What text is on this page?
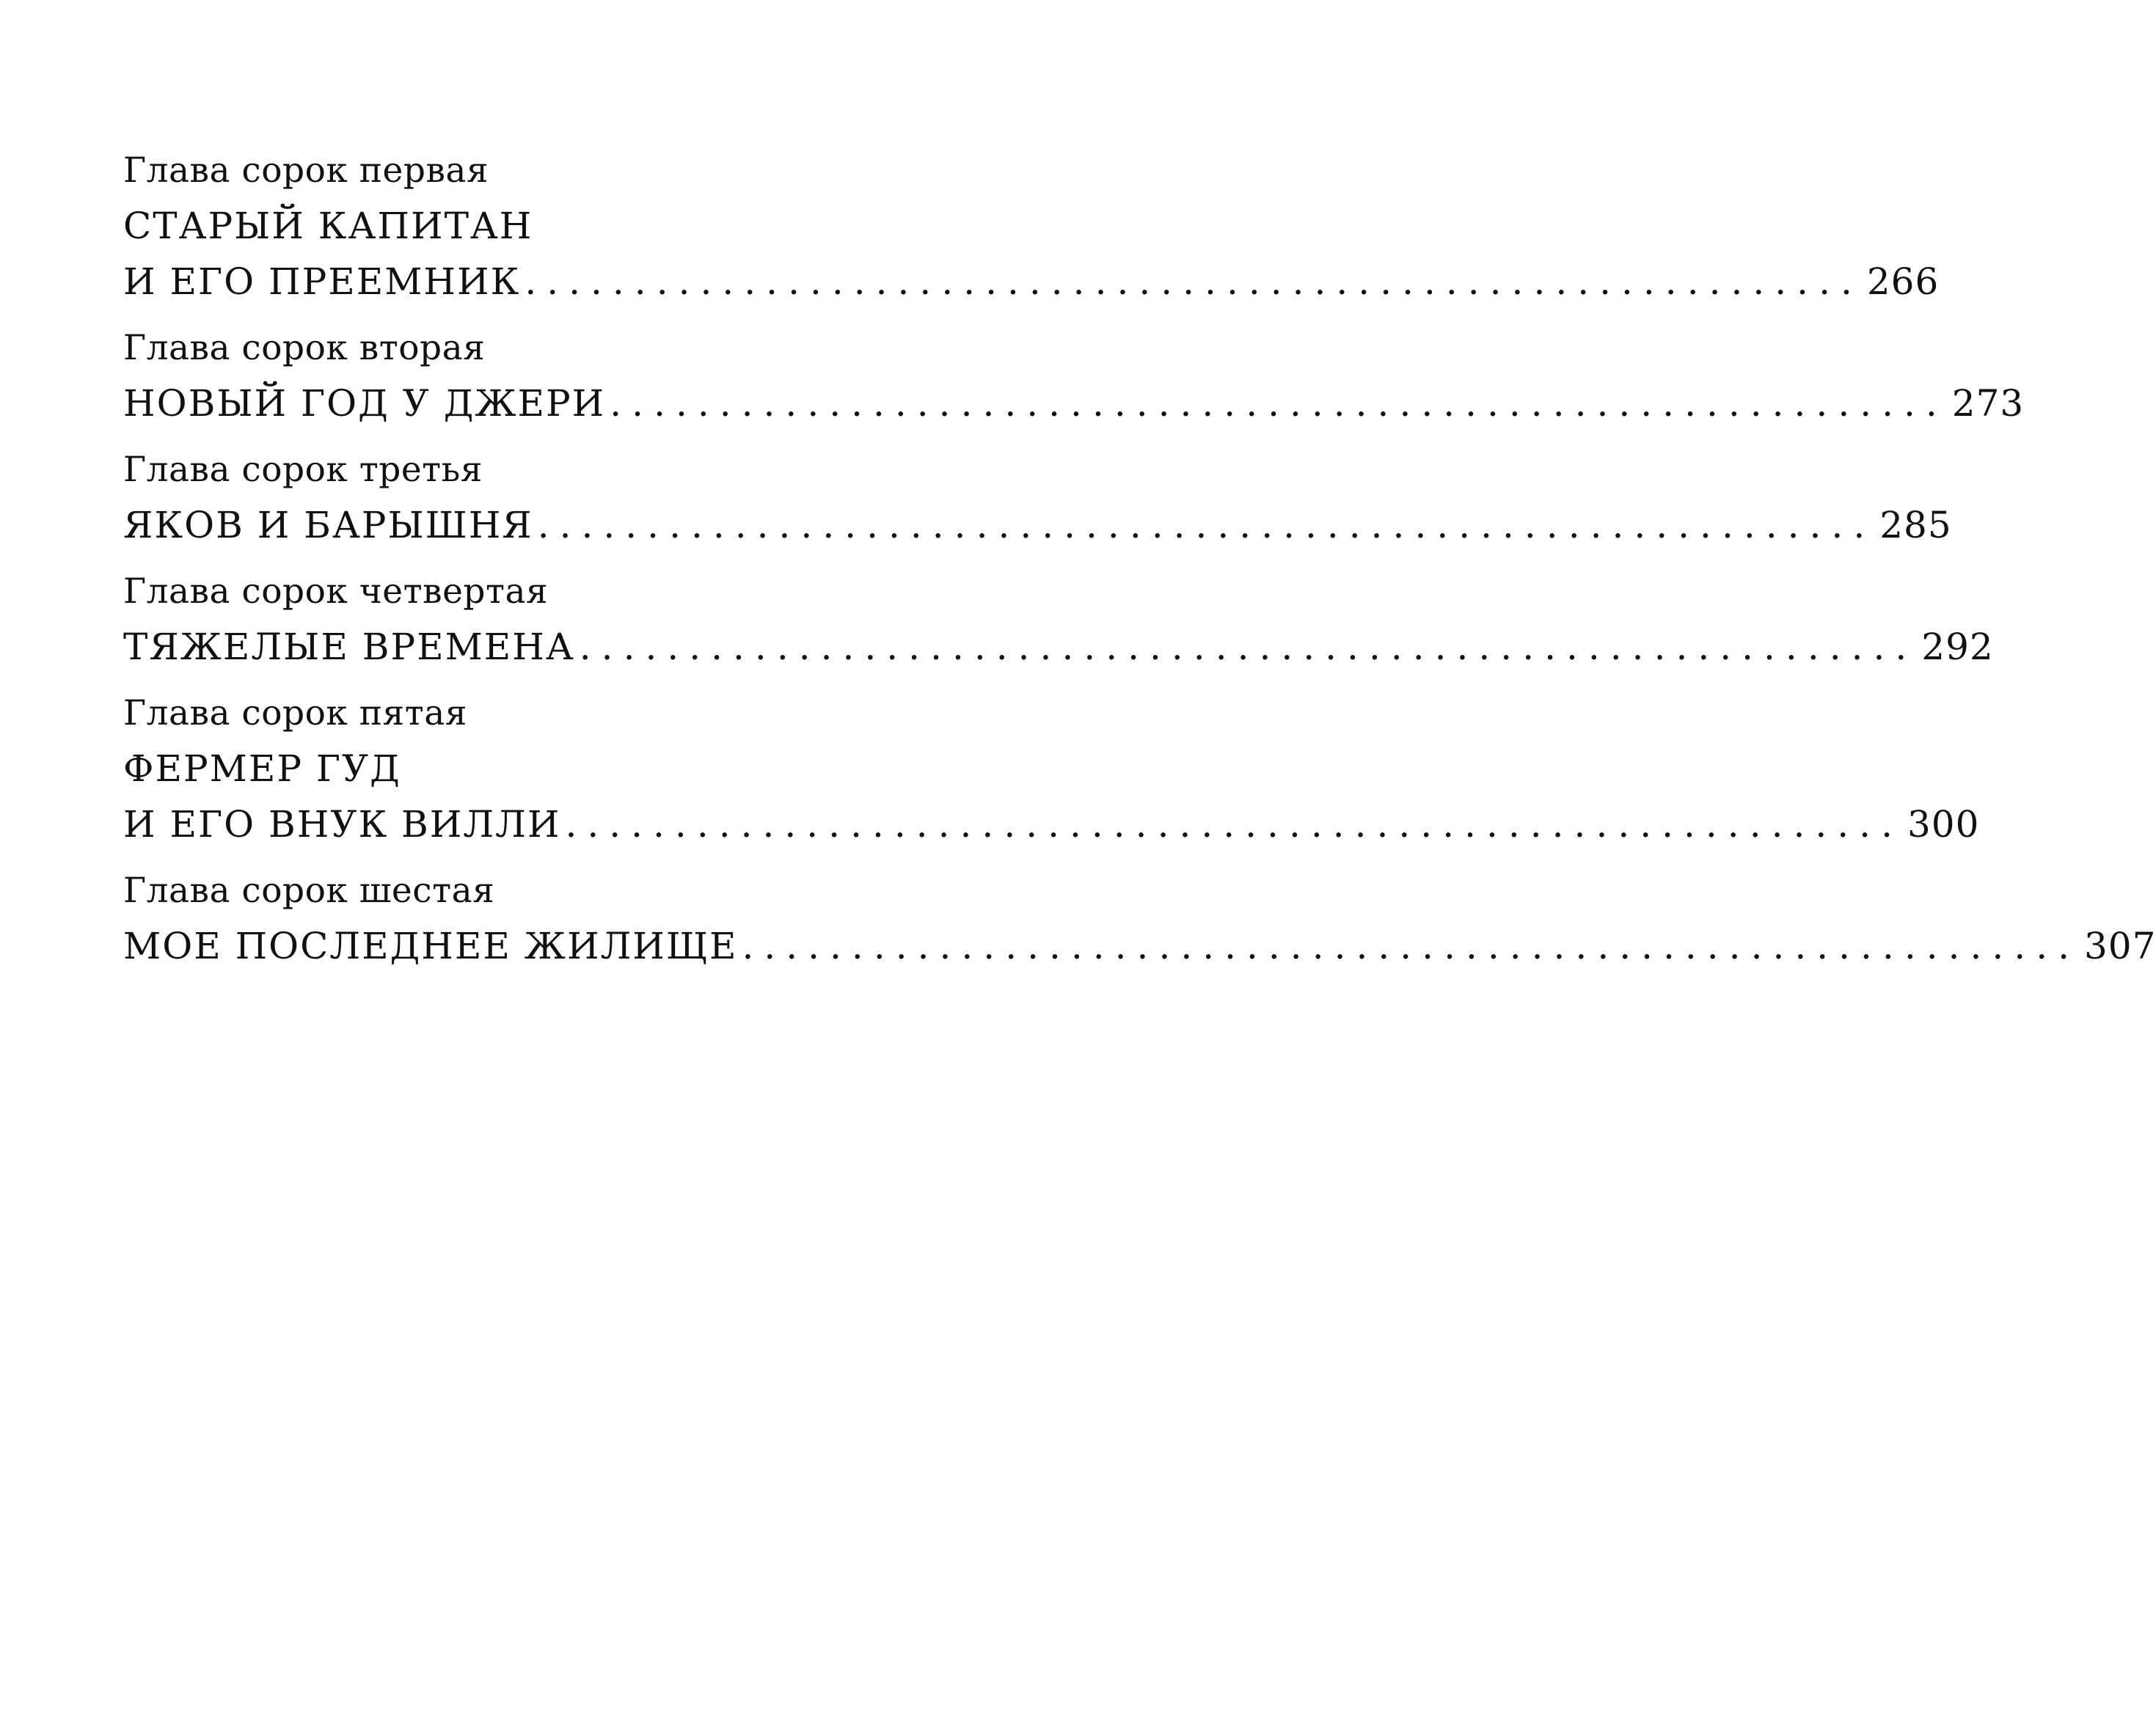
Глава сорок первая
СТАРЫЙ КАПИТАН
И ЕГО ПРЕЕМНИК ............................................................. 266
Глава сорок вторая
НОВЫЙ ГОД У ДЖЕРИ ............................................................. 273
Глава сорок третья
ЯКОВ И БАРЫШНЯ ............................................................. 285
Глава сорок четвертая
ТЯЖЕЛЫЕ ВРЕМЕНА ............................................................. 292
Глава сорок пятая
ФЕРМЕР ГУД
И ЕГО ВНУК ВИЛЛИ ............................................................. 300
Глава сорок шестая
МОЕ ПОСЛЕДНЕЕ ЖИЛИЩЕ ............................................................. 307
